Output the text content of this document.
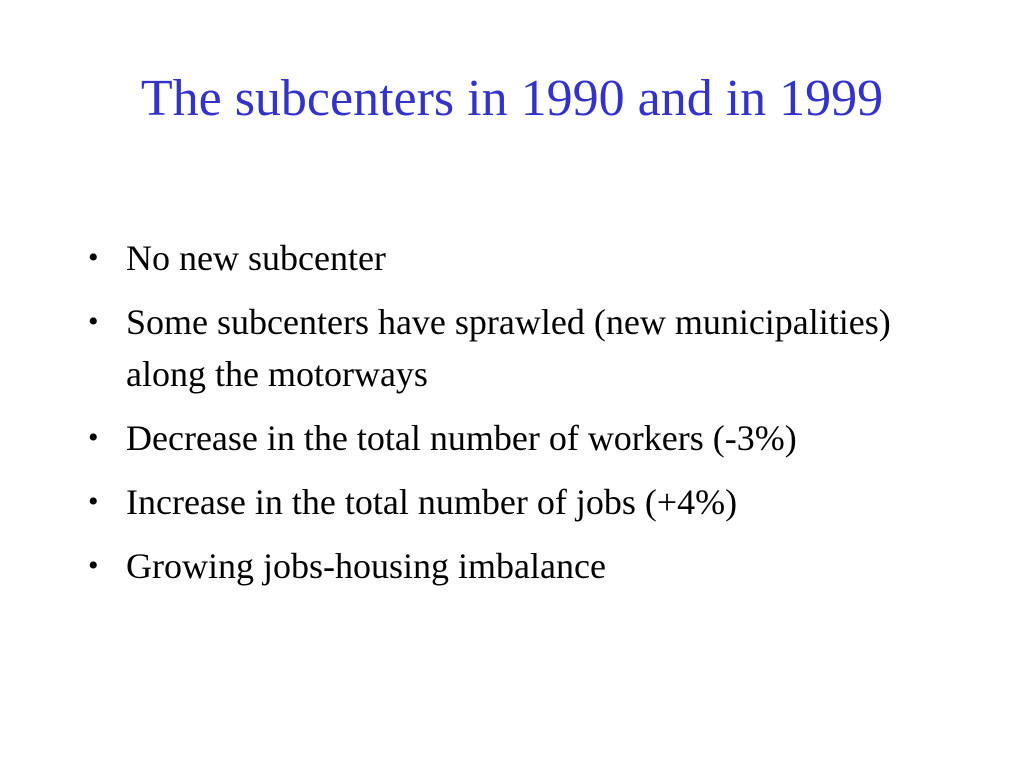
The subcenters in 1990 and in 1999
• No new subcenter
• Some subcenters have sprawled (new municipalities) along the motorways
• Decrease in the total number of workers (-3%)
• Increase in the total number of jobs (+4%)
• Growing jobs-housing imbalance
